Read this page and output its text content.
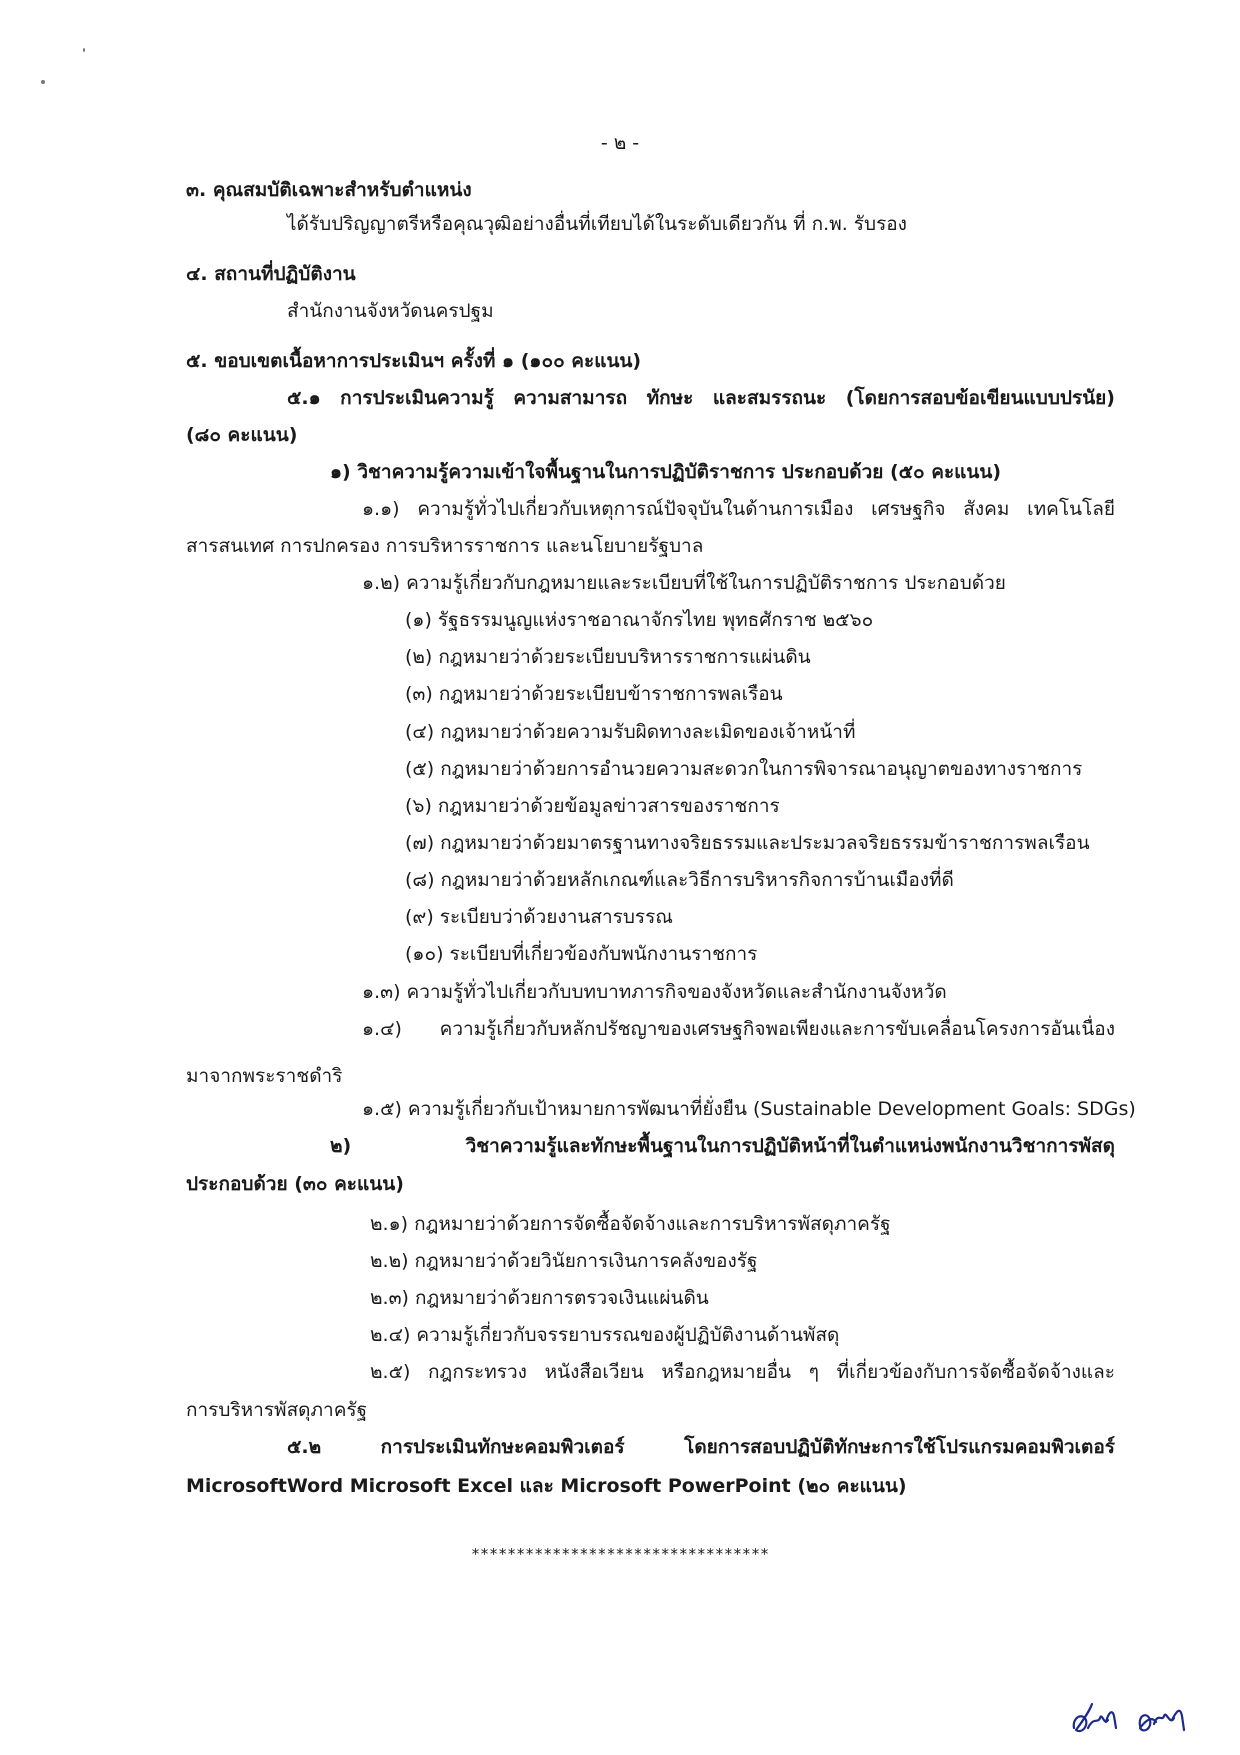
- ๒ -
๓. คุณสมบัติเฉพาะสำหรับตำแหน่ง
ได้รับปริญญาตรีหรือคุณวุฒิอย่างอื่นที่เทียบได้ในระดับเดียวกัน ที่ ก.พ. รับรอง
๔. สถานที่ปฏิบัติงาน
สำนักงานจังหวัดนครปฐม
๕. ขอบเขตเนื้อหาการประเมินฯ ครั้งที่ ๑ (๑๐๐ คะแนน)
๕.๑ การประเมินความรู้ ความสามารถ ทักษะ และสมรรถนะ (โดยการสอบข้อเขียนแบบปรนัย)
(๘๐ คะแนน)
๑) วิชาความรู้ความเข้าใจพื้นฐานในการปฏิบัติราชการ ประกอบด้วย (๕๐ คะแนน)
๑.๑) ความรู้ทั่วไปเกี่ยวกับเหตุการณ์ปัจจุบันในด้านการเมือง เศรษฐกิจ สังคม เทคโนโลยี
สารสนเทศ การปกครอง การบริหารราชการ และนโยบายรัฐบาล
๑.๒) ความรู้เกี่ยวกับกฎหมายและระเบียบที่ใช้ในการปฏิบัติราชการ ประกอบด้วย
(๑) รัฐธรรมนูญแห่งราชอาณาจักรไทย พุทธศักราช ๒๕๖๐
(๒) กฎหมายว่าด้วยระเบียบบริหารราชการแผ่นดิน
(๓) กฎหมายว่าด้วยระเบียบข้าราชการพลเรือน
(๔) กฎหมายว่าด้วยความรับผิดทางละเมิดของเจ้าหน้าที่
(๕) กฎหมายว่าด้วยการอำนวยความสะดวกในการพิจารณาอนุญาตของทางราชการ
(๖) กฎหมายว่าด้วยข้อมูลข่าวสารของราชการ
(๗) กฎหมายว่าด้วยมาตรฐานทางจริยธรรมและประมวลจริยธรรมข้าราชการพลเรือน
(๘) กฎหมายว่าด้วยหลักเกณฑ์และวิธีการบริหารกิจการบ้านเมืองที่ดี
(๙) ระเบียบว่าด้วยงานสารบรรณ
(๑๐) ระเบียบที่เกี่ยวข้องกับพนักงานราชการ
๑.๓) ความรู้ทั่วไปเกี่ยวกับบทบาทภารกิจของจังหวัดและสำนักงานจังหวัด
๑.๔) ความรู้เกี่ยวกับหลักปรัชญาของเศรษฐกิจพอเพียงและการขับเคลื่อนโครงการอันเนื่อง
มาจากพระราชดำริ
๑.๕) ความรู้เกี่ยวกับเป้าหมายการพัฒนาที่ยั่งยืน (Sustainable Development Goals: SDGs)
๒) วิชาความรู้และทักษะพื้นฐานในการปฏิบัติหน้าที่ในตำแหน่งพนักงานวิชาการพัสดุ
ประกอบด้วย (๓๐ คะแนน)
๒.๑) กฎหมายว่าด้วยการจัดซื้อจัดจ้างและการบริหารพัสดุภาครัฐ
๒.๒) กฎหมายว่าด้วยวินัยการเงินการคลังของรัฐ
๒.๓) กฎหมายว่าด้วยการตรวจเงินแผ่นดิน
๒.๔) ความรู้เกี่ยวกับจรรยาบรรณของผู้ปฏิบัติงานด้านพัสดุ
๒.๕) กฎกระทรวง หนังสือเวียน หรือกฎหมายอื่น ๆ ที่เกี่ยวข้องกับการจัดซื้อจัดจ้างและ
การบริหารพัสดุภาครัฐ
๕.๒ การประเมินทักษะคอมพิวเตอร์ โดยการสอบปฏิบัติทักษะการใช้โปรแกรมคอมพิวเตอร์
MicrosoftWord Microsoft Excel และ Microsoft PowerPoint (๒๐ คะแนน)
*********************************
